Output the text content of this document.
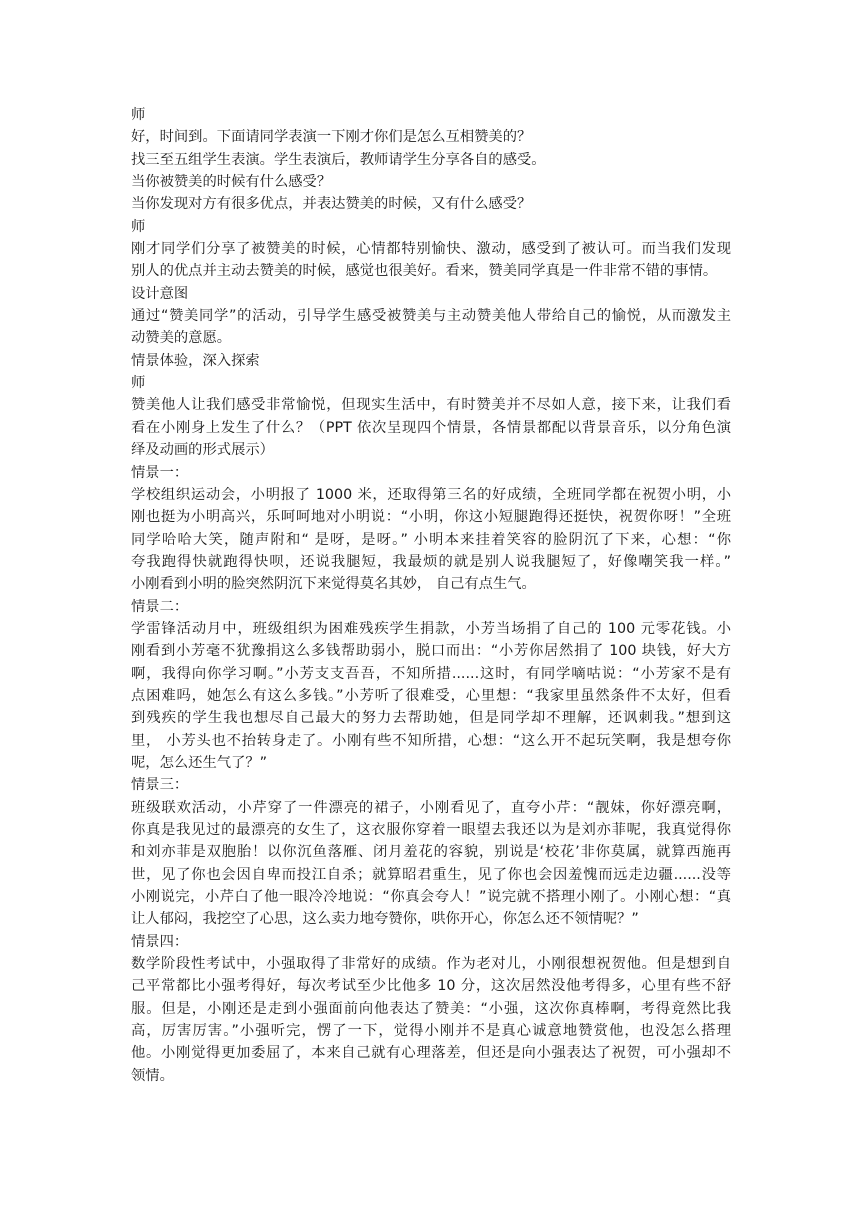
师
好，时间到。下面请同学表演一下刚才你们是怎么互相赞美的？
找三至五组学生表演。学生表演后，教师请学生分享各自的感受。
当你被赞美的时候有什么感受？
当你发现对方有很多优点，并表达赞美的时候，又有什么感受？
师
刚才同学们分享了被赞美的时候，心情都特别愉快、激动，感受到了被认可。而当我们发现
别人的优点并主动去赞美的时候，感觉也很美好。看来，赞美同学真是一件非常不错的事情。
设计意图
通过“赞美同学”的活动，引导学生感受被赞美与主动赞美他人带给自己的愉悦，从而激发主
动赞美的意愿。
情景体验，深入探索
师
赞美他人让我们感受非常愉悦，但现实生活中，有时赞美并不尽如人意，接下来，让我们看
看在小刚身上发生了什么？（PPT 依次呈现四个情景，各情景都配以背景音乐，以分角色演
绎及动画的形式展示）
情景一：
学校组织运动会，小明报了 1000 米，还取得第三名的好成绩，全班同学都在祝贺小明，小
刚也挺为小明高兴，乐呵呵地对小明说：“小明，你这小短腿跑得还挺快，祝贺你呀！”全班
同学哈哈大笑，随声附和“ 是呀，是呀。” 小明本来挂着笑容的脸阴沉了下来，心想：“你
夸我跑得快就跑得快呗，还说我腿短，我最烦的就是别人说我腿短了，好像嘲笑我一样。”
小刚看到小明的脸突然阴沉下来觉得莫名其妙， 自己有点生气。
情景二：
学雷锋活动月中，班级组织为困难残疾学生捐款，小芳当场捐了自己的 100 元零花钱。小
刚看到小芳毫不犹豫捐这么多钱帮助弱小，脱口而出：“小芳你居然捐了 100 块钱，好大方
啊，我得向你学习啊。”小芳支支吾吾，不知所措......这时，有同学嘀咕说：“小芳家不是有
点困难吗，她怎么有这么多钱。”小芳听了很难受，心里想：“我家里虽然条件不太好，但看
到残疾的学生我也想尽自己最大的努力去帮助她，但是同学却不理解，还讽刺我。”想到这
里， 小芳头也不抬转身走了。小刚有些不知所措，心想：“这么开不起玩笑啊，我是想夸你
呢，怎么还生气了？”
情景三：
班级联欢活动，小芹穿了一件漂亮的裙子，小刚看见了，直夸小芹：“靓妹，你好漂亮啊，
你真是我见过的最漂亮的女生了，这衣服你穿着一眼望去我还以为是刘亦菲呢，我真觉得你
和刘亦菲是双胞胎！以你沉鱼落雁、闭月羞花的容貌，别说是‘校花’非你莫属，就算西施再
世，见了你也会因自卑而投江自杀；就算昭君重生，见了你也会因羞愧而远走边疆......没等
小刚说完，小芹白了他一眼冷冷地说：“你真会夸人！”说完就不搭理小刚了。小刚心想：“真
让人郁闷，我挖空了心思，这么卖力地夸赞你，哄你开心，你怎么还不领情呢？”
情景四：
数学阶段性考试中，小强取得了非常好的成绩。作为老对儿，小刚很想祝贺他。但是想到自
己平常都比小强考得好，每次考试至少比他多 10 分，这次居然没他考得多，心里有些不舒
服。但是，小刚还是走到小强面前向他表达了赞美：“小强，这次你真棒啊，考得竟然比我
高，厉害厉害。”小强听完，愣了一下，觉得小刚并不是真心诚意地赞赏他，也没怎么搭理
他。小刚觉得更加委屈了，本来自己就有心理落差，但还是向小强表达了祝贺，可小强却不
领情。
